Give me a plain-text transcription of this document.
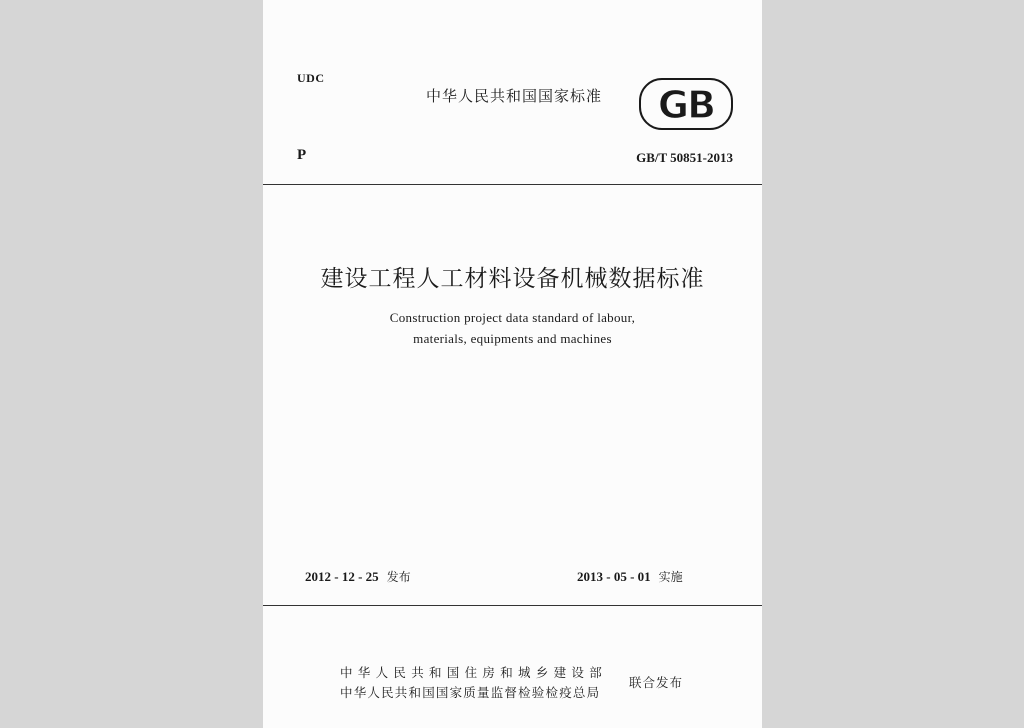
UDC
中华人民共和国国家标准 GB
P	GB/T 50851-2013
建设工程人工材料设备机械数据标准
Construction project data standard of labour,
materials, equipments and machines
2012 - 12 - 25 发布	2013 - 05 - 01 实施
中华人民共和国住房和城乡建设部
中华人民共和国国家质量监督检验检疫总局
联合发布
